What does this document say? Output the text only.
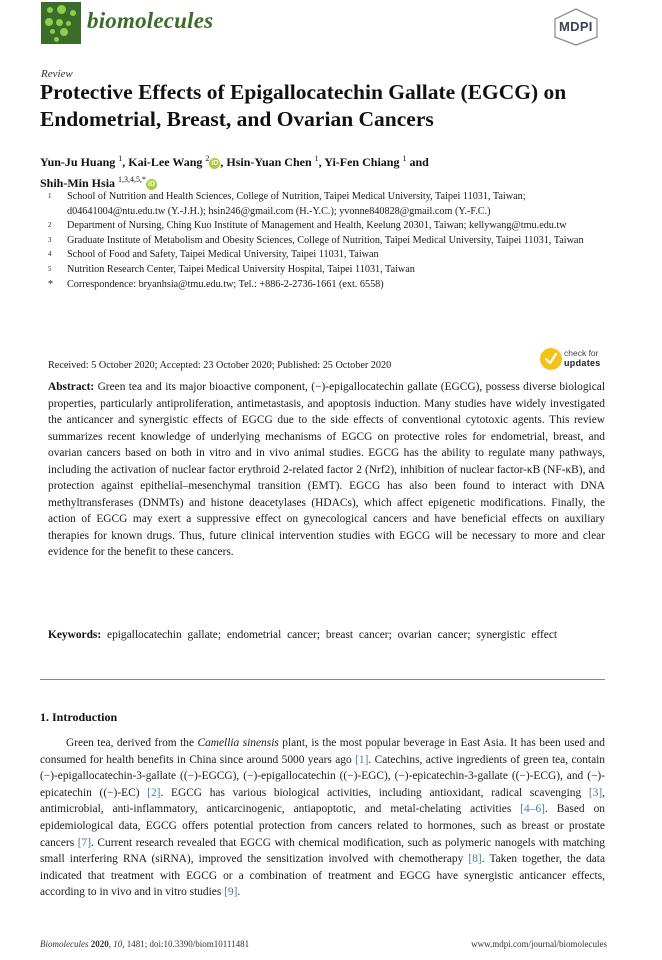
biomolecules	MDPI
Review
Protective Effects of Epigallocatechin Gallate (EGCG) on Endometrial, Breast, and Ovarian Cancers
Yun-Ju Huang $^1$, Kai-Lee Wang $^2$iD , Hsin-Yuan Chen $^1$, Yi-Fen Chiang $^1$ and
Shih-Min Hsia $^{1,3,4,5,*}$iD
1	School of Nutrition and Health Sciences, College of Nutrition, Taipei Medical University, Taipei 11031, Taiwan; d04641004@ntu.edu.tw (Y.-J.H.); hsin246@gmail.com (H.-Y.C.); yvonne840828@gmail.com (Y.-F.C.)
2	Department of Nursing, Ching Kuo Institute of Management and Health, Keelung 20301, Taiwan; kellywang@tmu.edu.tw
3	Graduate Institute of Metabolism and Obesity Sciences, College of Nutrition, Taipei Medical University, Taipei 11031, Taiwan
4	School of Food and Safety, Taipei Medical University, Taipei 11031, Taiwan
5	Nutrition Research Center, Taipei Medical University Hospital, Taipei 11031, Taiwan
*	Correspondence: bryanhsia@tmu.edu.tw; Tel.: +886-2-2736-1661 (ext. 6558)
Received: 5 October 2020; Accepted: 23 October 2020; Published: 25 October 2020
check for
updates
Abstract: Green tea and its major bioactive component, (−)-epigallocatechin gallate (EGCG), possess diverse biological properties, particularly antiproliferation, antimetastasis, and apoptosis induction. Many studies have widely investigated the anticancer and synergistic effects of EGCG due to the side effects of conventional cytotoxic agents. This review summarizes recent knowledge of underlying mechanisms of EGCG on protective roles for endometrial, breast, and ovarian cancers based on both in vitro and in vivo animal studies. EGCG has the ability to regulate many pathways, including the activation of nuclear factor erythroid 2-related factor 2 (Nrf2), inhibition of nuclear factor-κB (NF-κB), and protection against epithelial–mesenchymal transition (EMT). EGCG has also been found to interact with DNA methyltransferases (DNMTs) and histone deacetylases (HDACs), which affect epigenetic modifications. Finally, the action of EGCG may exert a suppressive effect on gynecological cancers and have beneficial effects on auxiliary therapies for known drugs. Thus, future clinical intervention studies with EGCG will be necessary to more and clear evidence for the benefit to these cancers.
Keywords: epigallocatechin gallate; endometrial cancer; breast cancer; ovarian cancer; synergistic effect
1. Introduction

Green tea, derived from the Camellia sinensis plant, is the most popular beverage in East Asia. It has been used and consumed for health benefits in China since around 5000 years ago [1]. Catechins, active ingredients of green tea, contain (−)-epigallocatechin-3-gallate ((−)-EGCG), (−)-epigallocatechin ((−)-EGC), (−)-epicatechin-3-gallate ((−)-ECG), and (−)-epicatechin ((−)-EC) [2]. EGCG has various biological activities, including antioxidant, radical scavenging [3], antimicrobial, anti-inflammatory, anticarcinogenic, antiapoptotic, and metal-chelating activities [4–6]. Based on epidemiological data, EGCG offers potential protection from cancers related to hormones, such as breast or prostate cancers [7]. Current research revealed that EGCG with chemical modification, such as polymeric nanogels with matching small interfering RNA (siRNA), improved the sensitization involved with chemotherapy [8]. Taken together, the data indicated that treatment with EGCG or a combination of treatment and EGCG have synergistic anticancer effects, according to in vivo and in vitro studies [9].

Biomolecules 2020, 10, 1481; doi:10.3390/biom10111481	www.mdpi.com/journal/biomolecules
